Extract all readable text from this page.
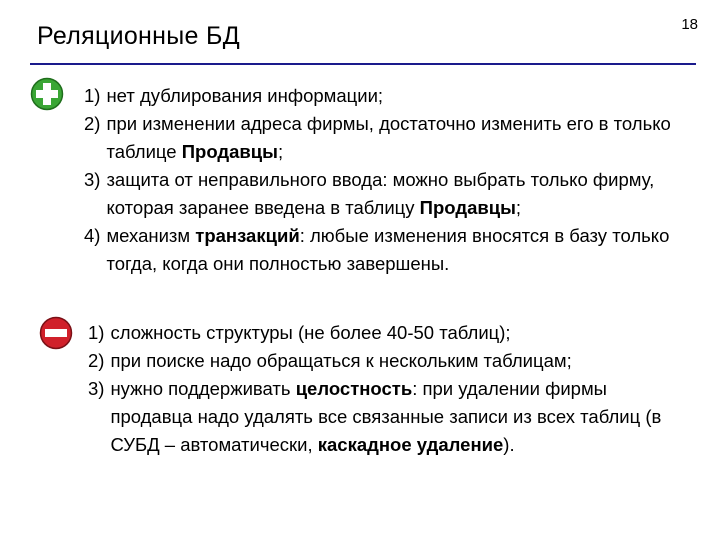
Реляционные БД	18
1) нет дублирования информации;
2) при изменении адреса фирмы, достаточно изменить его в только таблице Продавцы;
3) защита от неправильного ввода: можно выбрать только фирму, которая заранее введена в таблицу Продавцы;
4) механизм транзакций: любые изменения вносятся в базу только тогда, когда они полностью завершены.
1) сложность структуры (не более 40-50 таблиц);
2) при поиске надо обращаться к нескольким таблицам;
3) нужно поддерживать целостность: при удалении фирмы продавца надо удалять все связанные записи из всех таблиц (в СУБД – автоматически, каскадное удаление).
